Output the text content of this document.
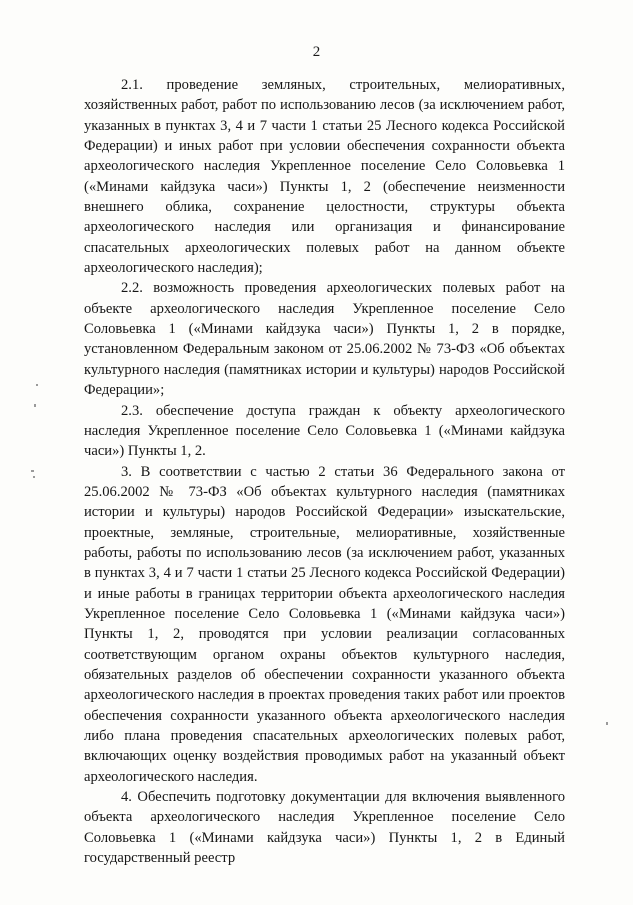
2

2.1. проведение земляных, строительных, мелиоративных, хозяйственных работ, работ по использованию лесов (за исключением работ, указанных в пунктах 3, 4 и 7 части 1 статьи 25 Лесного кодекса Российской Федерации) и иных работ при условии обеспечения сохранности объекта археологического наследия Укрепленное поселение Село Соловьевка 1 («Минами кайдзука часи») Пункты 1, 2 (обеспечение неизменности внешнего облика, сохранение целостности, структуры объекта археологического наследия или организация и финансирование спасательных археологических полевых работ на данном объекте археологического наследия);

2.2. возможность проведения археологических полевых работ на объекте археологического наследия Укрепленное поселение Село Соловьевка 1 («Минами кайдзука часи») Пункты 1, 2 в порядке, установленном Федеральным законом от 25.06.2002 № 73-ФЗ «Об объектах культурного наследия (памятниках истории и культуры) народов Российской Федерации»;

2.3. обеспечение доступа граждан к объекту археологического наследия Укрепленное поселение Село Соловьевка 1 («Минами кайдзука часи») Пункты 1, 2.

3. В соответствии с частью 2 статьи 36 Федерального закона от 25.06.2002 № 73-ФЗ «Об объектах культурного наследия (памятниках истории и культуры) народов Российской Федерации» изыскательские, проектные, земляные, строительные, мелиоративные, хозяйственные работы, работы по использованию лесов (за исключением работ, указанных в пунктах 3, 4 и 7 части 1 статьи 25 Лесного кодекса Российской Федерации) и иные работы в границах территории объекта археологического наследия Укрепленное поселение Село Соловьевка 1 («Минами кайдзука часи») Пункты 1, 2, проводятся при условии реализации согласованных соответствующим органом охраны объектов культурного наследия, обязательных разделов об обеспечении сохранности указанного объекта археологического наследия в проектах проведения таких работ или проектов обеспечения сохранности указанного объекта археологического наследия либо плана проведения спасательных археологических полевых работ, включающих оценку воздействия проводимых работ на указанный объект археологического наследия.

4. Обеспечить подготовку документации для включения выявленного объекта археологического наследия Укрепленное поселение Село Соловьевка 1 («Минами кайдзука часи») Пункты 1, 2 в Единый государственный реестр
